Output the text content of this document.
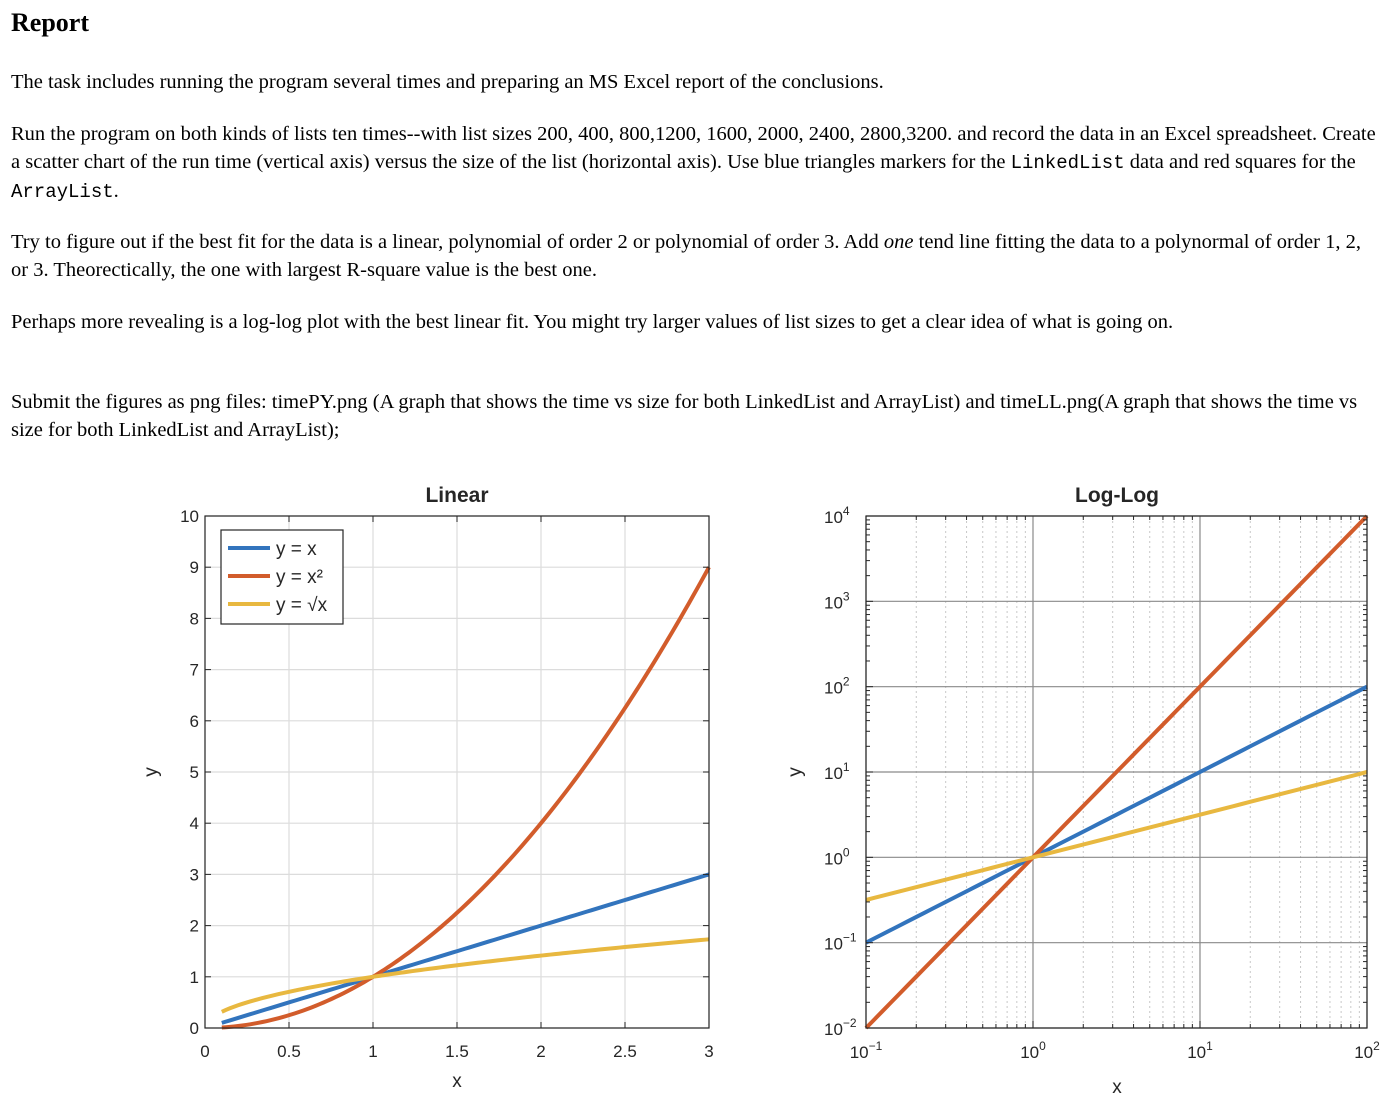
Report

The task includes running the program several times and preparing an MS Excel report of the conclusions.

Run the program on both kinds of lists ten times--with list sizes 200, 400, 800,1200, 1600, 2000, 2400, 2800,3200. and record the data in an Excel spreadsheet. Create a scatter chart of the run time (vertical axis) versus the size of the list (horizontal axis). Use blue triangles markers for the LinkedList data and red squares for the ArrayList.

Try to figure out if the best fit for the data is a linear, polynomial of order 2 or polynomial of order 3. Add one tend line fitting the data to a polynormal of order 1, 2, or 3. Theorectically, the one with largest R-square value is the best one.

Perhaps more revealing is a log-log plot with the best linear fit. You might try larger values of list sizes to get a clear idea of what is going on.

Submit the figures as png files: timePY.png (A graph that shows the time vs size for both LinkedList and ArrayList) and timeLL.png(A graph that shows the time vs size for both LinkedList and ArrayList);

0	0.5	1	1.5	2	2.5	3
0
1
2
3
4
5
6
7
8
9
10
Linear
x
y
y = x
y = x²
y = √x
$10^{-1}$	$10^0$	$10^1$	$10^2$
$10^{-2}$
$10^{-1}$
$10^0$
$10^1$
$10^2$
$10^3$
$10^4$
Log-Log
x
y
